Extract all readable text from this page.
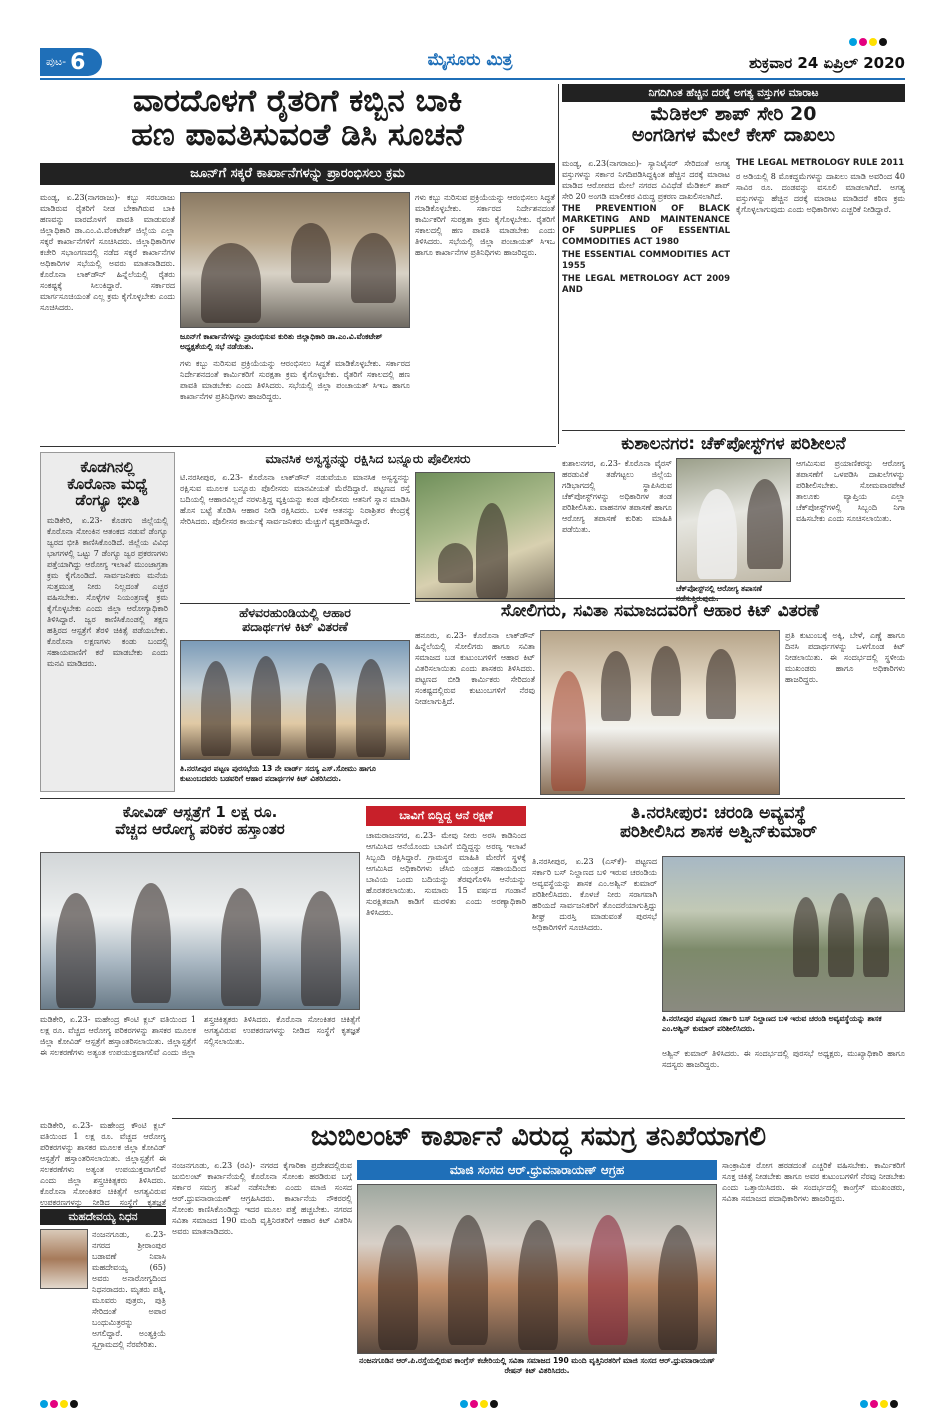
ಪುಟ- 6	ಮೈಸೂರು ಮಿತ್ರ	ಶುಕ್ರವಾರ 24 ಏಪ್ರಿಲ್ 2020
ವಾರದೊಳಗೆ ರೈತರಿಗೆ ಕಬ್ಬಿನ ಬಾಕಿ
ಹಣ ಪಾವತಿಸುವಂತೆ ಡಿಸಿ ಸೂಚನೆ
ಜೂನ್‌ಗೆ ಸಕ್ಕರೆ ಕಾರ್ಖಾನೆಗಳನ್ನು ಪ್ರಾರಂಭಿಸಲು ಕ್ರಮ
ಮಂಡ್ಯ, ಏ.23(ನಾಗರಾಜು)- ಕಬ್ಬು ಸರಬರಾಜು ಮಾಡಿರುವ ರೈತರಿಗೆ ನೀಡ ಬೇಕಾಗಿರುವ ಬಾಕಿ ಹಣವನ್ನು ವಾರದೊಳಗೆ ಪಾವತಿ ಮಾಡುವಂತೆ ಜಿಲ್ಲಾಧಿಕಾರಿ ಡಾ.ಎಂ.ವಿ.ವೆಂಕಟೇಶ್ ಜಿಲ್ಲೆಯ ಎಲ್ಲಾ ಸಕ್ಕರೆ ಕಾರ್ಖಾನೆಗಳಿಗೆ ಸೂಚಿಸಿದರು. ಜಿಲ್ಲಾಧಿಕಾರಿಗಳ ಕಚೇರಿ ಸಭಾಂಗಣದಲ್ಲಿ ನಡೆದ ಸಕ್ಕರೆ ಕಾರ್ಖಾನೆಗಳ ಅಧಿಕಾರಿಗಳ ಸಭೆಯಲ್ಲಿ ಅವರು ಮಾತನಾಡಿದರು. ಕೊರೊನಾ ಲಾಕ್‌ಡೌನ್ ಹಿನ್ನೆಲೆಯಲ್ಲಿ ರೈತರು ಸಂಕಷ್ಟಕ್ಕೆ ಸಿಲುಕಿದ್ದಾರೆ. ಸರ್ಕಾರದ ಮಾರ್ಗಸೂಚಿಯಂತೆ ಎಲ್ಲ ಕ್ರಮ ಕೈಗೊಳ್ಳಬೇಕು ಎಂದು ಸೂಚಿಸಿದರು.
ಜೂನ್‌ಗೆ ಕಾರ್ಖಾನೆಗಳನ್ನು ಪ್ರಾರಂಭಿಸುವ ಕುರಿತು ಜಿಲ್ಲಾಧಿಕಾರಿ ಡಾ.ಎಂ.ವಿ.ವೆಂಕಟೇಶ್ ಅಧ್ಯಕ್ಷತೆಯಲ್ಲಿ ಸಭೆ ನಡೆಯಿತು.
ಗಳು ಕಬ್ಬು ನುರಿಸುವ ಪ್ರಕ್ರಿಯೆಯನ್ನು ಆರಂಭಿಸಲು ಸಿದ್ಧತೆ ಮಾಡಿಕೊಳ್ಳಬೇಕು. ಸರ್ಕಾರದ ನಿರ್ದೇಶನದಂತೆ ಕಾರ್ಮಿಕರಿಗೆ ಸುರಕ್ಷತಾ ಕ್ರಮ ಕೈಗೊಳ್ಳಬೇಕು. ರೈತರಿಗೆ ಸಕಾಲದಲ್ಲಿ ಹಣ ಪಾವತಿ ಮಾಡಬೇಕು ಎಂದು ತಿಳಿಸಿದರು. ಸಭೆಯಲ್ಲಿ ಜಿಲ್ಲಾ ಪಂಚಾಯತ್ ಸಿಇಒ ಹಾಗೂ ಕಾರ್ಖಾನೆಗಳ ಪ್ರತಿನಿಧಿಗಳು ಹಾಜರಿದ್ದರು.
ಗಳು ಕಬ್ಬು ನುರಿಸುವ ಪ್ರಕ್ರಿಯೆಯನ್ನು ಆರಂಭಿಸಲು ಸಿದ್ಧತೆ ಮಾಡಿಕೊಳ್ಳಬೇಕು. ಸರ್ಕಾರದ ನಿರ್ದೇಶನದಂತೆ ಕಾರ್ಮಿಕರಿಗೆ ಸುರಕ್ಷತಾ ಕ್ರಮ ಕೈಗೊಳ್ಳಬೇಕು. ರೈತರಿಗೆ ಸಕಾಲದಲ್ಲಿ ಹಣ ಪಾವತಿ ಮಾಡಬೇಕು ಎಂದು ತಿಳಿಸಿದರು. ಸಭೆಯಲ್ಲಿ ಜಿಲ್ಲಾ ಪಂಚಾಯತ್ ಸಿಇಒ ಹಾಗೂ ಕಾರ್ಖಾನೆಗಳ ಪ್ರತಿನಿಧಿಗಳು ಹಾಜರಿದ್ದರು.
ನಿಗದಿಗಿಂತ ಹೆಚ್ಚಿನ ದರಕ್ಕೆ ಅಗತ್ಯ ವಸ್ತುಗಳ ಮಾರಾಟ
ಮೆಡಿಕಲ್ ಶಾಪ್ ಸೇರಿ 20
ಅಂಗಡಿಗಳ ಮೇಲೆ ಕೇಸ್ ದಾಖಲು

ಮಂಡ್ಯ, ಏ.23(ನಾಗರಾಜು)- ಸ್ಯಾನಿಟೈಸರ್ ಸೇರಿದಂತೆ ಅಗತ್ಯ ವಸ್ತುಗಳನ್ನು ಸರ್ಕಾರ ನಿಗದಿಪಡಿಸಿದ್ದಕ್ಕಿಂತ ಹೆಚ್ಚಿನ ದರಕ್ಕೆ ಮಾರಾಟ ಮಾಡಿದ ಆರೋಪದ ಮೇಲೆ ನಗರದ ವಿವಿಧೆಡೆ ಮೆಡಿಕಲ್ ಶಾಪ್ ಸೇರಿ 20 ಅಂಗಡಿ ಮಾಲೀಕರ ವಿರುದ್ಧ ಪ್ರಕರಣ ದಾಖಲಿಸಲಾಗಿದೆ.

THE PREVENTION OF BLACK MARKETING AND MAINTENANCE OF SUPPLIES OF ESSENTIAL COMMODITIES ACT 1980

THE ESSENTIAL COMMODITIES ACT 1955

THE LEGAL METROLOGY ACT 2009 AND

THE LEGAL METROLOGY RULE 2011

ರ ಅಡಿಯಲ್ಲಿ 8 ಮೊಕದ್ದಮೆಗಳನ್ನು ದಾಖಲು ಮಾಡಿ ಅವರಿಂದ 40 ಸಾವಿರ ರೂ. ದಂಡವನ್ನು ವಸೂಲಿ ಮಾಡಲಾಗಿದೆ. ಅಗತ್ಯ ವಸ್ತುಗಳನ್ನು ಹೆಚ್ಚಿನ ದರಕ್ಕೆ ಮಾರಾಟ ಮಾಡಿದರೆ ಕಠಿಣ ಕ್ರಮ ಕೈಗೊಳ್ಳಲಾಗುವುದು ಎಂದು ಅಧಿಕಾರಿಗಳು ಎಚ್ಚರಿಕೆ ನೀಡಿದ್ದಾರೆ.

ಕುಶಾಲನಗರ: ಚೆಕ್‌ಪೋಸ್ಟ್‌ಗಳ ಪರಿಶೀಲನೆ
ಕುಶಾಲನಗರ, ಏ.23- ಕೊರೊನಾ ವೈರಸ್ ಹರಡುವಿಕೆ ತಡೆಗಟ್ಟಲು ಜಿಲ್ಲೆಯ ಗಡಿಭಾಗದಲ್ಲಿ ಸ್ಥಾಪಿಸಿರುವ ಚೆಕ್‌ಪೋಸ್ಟ್‌ಗಳನ್ನು ಅಧಿಕಾರಿಗಳ ತಂಡ ಪರಿಶೀಲಿಸಿತು. ವಾಹನಗಳ ತಪಾಸಣೆ ಹಾಗೂ ಆರೋಗ್ಯ ತಪಾಸಣೆ ಕುರಿತು ಮಾಹಿತಿ ಪಡೆಯಿತು.
ಚೆಕ್‌ಪೋಸ್ಟ್‌ನಲ್ಲಿ ಆರೋಗ್ಯ ತಪಾಸಣೆ
ಆಗಮಿಸುವ ಪ್ರಯಾಣಿಕರನ್ನು ಆರೋಗ್ಯ ತಪಾಸಣೆಗೆ ಒಳಪಡಿಸಿ ದಾಖಲೆಗಳನ್ನು ಪರಿಶೀಲಿಸಬೇಕು. ಸೋಮವಾರಪೇಟೆ ತಾಲೂಕು ವ್ಯಾಪ್ತಿಯ ಎಲ್ಲಾ ಚೆಕ್‌ಪೋಸ್ಟ್‌ಗಳಲ್ಲಿ ಸಿಬ್ಬಂದಿ ನಿಗಾ ವಹಿಸಬೇಕು ಎಂದು ಸೂಚಿಸಲಾಯಿತು.
ಕೊಡಗಿನಲ್ಲಿ
ಕೊರೊನಾ ಮಧ್ಯೆ
ಡೆಂಗ್ಯೂ ಭೀತಿ
ಮಡಿಕೇರಿ, ಏ.23- ಕೊಡಗು ಜಿಲ್ಲೆಯಲ್ಲಿ ಕೊರೊನಾ ಸೋಂಕಿನ ಆತಂಕದ ನಡುವೆ ಡೆಂಗ್ಯೂ ಜ್ವರದ ಭೀತಿ ಕಾಣಿಸಿಕೊಂಡಿದೆ. ಜಿಲ್ಲೆಯ ವಿವಿಧ ಭಾಗಗಳಲ್ಲಿ ಒಟ್ಟು 7 ಡೆಂಗ್ಯೂ ಜ್ವರ ಪ್ರಕರಣಗಳು ಪತ್ತೆಯಾಗಿದ್ದು ಆರೋಗ್ಯ ಇಲಾಖೆ ಮುಂಜಾಗ್ರತಾ ಕ್ರಮ ಕೈಗೊಂಡಿದೆ. ಸಾರ್ವಜನಿಕರು ಮನೆಯ ಸುತ್ತಮುತ್ತ ನೀರು ನಿಲ್ಲದಂತೆ ಎಚ್ಚರ ವಹಿಸಬೇಕು. ಸೊಳ್ಳೆಗಳ ನಿಯಂತ್ರಣಕ್ಕೆ ಕ್ರಮ ಕೈಗೊಳ್ಳಬೇಕು ಎಂದು ಜಿಲ್ಲಾ ಆರೋಗ್ಯಾಧಿಕಾರಿ ತಿಳಿಸಿದ್ದಾರೆ. ಜ್ವರ ಕಾಣಿಸಿಕೊಂಡಲ್ಲಿ ತಕ್ಷಣ ಹತ್ತಿರದ ಆಸ್ಪತ್ರೆಗೆ ತೆರಳಿ ಚಿಕಿತ್ಸೆ ಪಡೆಯಬೇಕು. ಕೊರೊನಾ ಲಕ್ಷಣಗಳು ಕಂಡು ಬಂದಲ್ಲಿ ಸಹಾಯವಾಣಿಗೆ ಕರೆ ಮಾಡಬೇಕು ಎಂದು ಮನವಿ ಮಾಡಿದರು.
ಮಾನಸಿಕ ಅಸ್ವಸ್ಥನನ್ನು ರಕ್ಷಿಸಿದ ಬನ್ನೂರು ಪೊಲೀಸರು
ಟಿ.ನರಸೀಪುರ, ಏ.23- ಕೊರೊನಾ ಲಾಕ್‌ಡೌನ್ ನಡುವೆಯೂ ಮಾನಸಿಕ ಅಸ್ವಸ್ಥನನ್ನು ರಕ್ಷಿಸುವ ಮೂಲಕ ಬನ್ನೂರು ಪೊಲೀಸರು ಮಾನವೀಯತೆ ಮೆರೆದಿದ್ದಾರೆ. ಪಟ್ಟಣದ ರಸ್ತೆ ಬದಿಯಲ್ಲಿ ಆಹಾರವಿಲ್ಲದೆ ನರಳುತ್ತಿದ್ದ ವ್ಯಕ್ತಿಯನ್ನು ಕಂಡ ಪೊಲೀಸರು ಆತನಿಗೆ ಸ್ನಾನ ಮಾಡಿಸಿ ಹೊಸ ಬಟ್ಟೆ ತೊಡಿಸಿ ಆಹಾರ ನೀಡಿ ರಕ್ಷಿಸಿದರು. ಬಳಿಕ ಆತನನ್ನು ನಿರಾಶ್ರಿತರ ಕೇಂದ್ರಕ್ಕೆ ಸೇರಿಸಿದರು. ಪೊಲೀಸರ ಕಾರ್ಯಕ್ಕೆ ಸಾರ್ವಜನಿಕರು ಮೆಚ್ಚುಗೆ ವ್ಯಕ್ತಪಡಿಸಿದ್ದಾರೆ.
ಹೆಳವರಹುಂಡಿಯಲ್ಲಿ ಆಹಾರ
ಪದಾರ್ಥಗಳ ಕಿಟ್ ವಿತರಣೆ
ತಿ.ನರಸೀಪುರ ಪಟ್ಟಣ ಪುರಸಭೆಯ 13 ನೇ ವಾರ್ಡ್ ಸದಸ್ಯ ಎಸ್.ಸೋಮು ಹಾಗೂ ಕುಟುಂಬದವರು ಬಡವರಿಗೆ ಆಹಾರ ಪದಾರ್ಥಗಳ ಕಿಟ್ ವಿತರಿಸಿದರು.
ಸೋಲಿಗರು, ಸವಿತಾ ಸಮಾಜದವರಿಗೆ ಆಹಾರ ಕಿಟ್ ವಿತರಣೆ
ಹನೂರು, ಏ.23- ಕೊರೊನಾ ಲಾಕ್‌ಡೌನ್ ಹಿನ್ನೆಲೆಯಲ್ಲಿ ಸೋಲಿಗರು ಹಾಗೂ ಸವಿತಾ ಸಮಾಜದ ಬಡ ಕುಟುಂಬಗಳಿಗೆ ಆಹಾರ ಕಿಟ್ ವಿತರಿಸಲಾಯಿತು ಎಂದು ಶಾಸಕರು ತಿಳಿಸಿದರು. ಪಟ್ಟಣದ ಬೀಡಿ ಕಾರ್ಮಿಕರು ಸೇರಿದಂತೆ ಸಂಕಷ್ಟದಲ್ಲಿರುವ ಕುಟುಂಬಗಳಿಗೆ ನೆರವು ನೀಡಲಾಗುತ್ತಿದೆ.
ಪ್ರತಿ ಕುಟುಂಬಕ್ಕೆ ಅಕ್ಕಿ, ಬೇಳೆ, ಎಣ್ಣೆ ಹಾಗೂ ದಿನಸಿ ಪದಾರ್ಥಗಳನ್ನು ಒಳಗೊಂಡ ಕಿಟ್ ನೀಡಲಾಯಿತು. ಈ ಸಂದರ್ಭದಲ್ಲಿ ಸ್ಥಳೀಯ ಮುಖಂಡರು ಹಾಗೂ ಅಧಿಕಾರಿಗಳು ಹಾಜರಿದ್ದರು.
ಕೋವಿಡ್ ಆಸ್ಪತ್ರೆಗೆ 1 ಲಕ್ಷ ರೂ.
ವೆಚ್ಚದ ಆರೋಗ್ಯ ಪರಿಕರ ಹಸ್ತಾಂತರ
ಮಡಿಕೇರಿ, ಏ.23- ಮಹೇಂದ್ರ ಕೌಂಟಿ ಕ್ಲಬ್ ವತಿಯಿಂದ 1 ಲಕ್ಷ ರೂ. ವೆಚ್ಚದ ಆರೋಗ್ಯ ಪರಿಕರಗಳನ್ನು ಶಾಸಕರ ಮೂಲಕ ಜಿಲ್ಲಾ ಕೋವಿಡ್ ಆಸ್ಪತ್ರೆಗೆ ಹಸ್ತಾಂತರಿಸಲಾಯಿತು. ಜಿಲ್ಲಾಸ್ಪತ್ರೆಗೆ ಈ ಸಲಕರಣೆಗಳು ಅತ್ಯಂತ ಉಪಯುಕ್ತವಾಗಲಿವೆ ಎಂದು ಜಿಲ್ಲಾ ಶಸ್ತ್ರಚಿಕಿತ್ಸಕರು ತಿಳಿಸಿದರು. ಕೊರೊನಾ ಸೋಂಕಿತರ ಚಿಕಿತ್ಸೆಗೆ ಅಗತ್ಯವಿರುವ ಉಪಕರಣಗಳನ್ನು ನೀಡಿದ ಸಂಸ್ಥೆಗೆ ಕೃತಜ್ಞತೆ ಸಲ್ಲಿಸಲಾಯಿತು.
ಬಾವಿಗೆ ಬಿದ್ದಿದ್ದ ಆನೆ ರಕ್ಷಣೆ
ಚಾಮರಾಜನಗರ, ಏ.23- ಮೇವು ನೀರು ಅರಸಿ ಕಾಡಿನಿಂದ ಆಗಮಿಸಿದ ಆನೆಯೊಂದು ಬಾವಿಗೆ ಬಿದ್ದಿದ್ದನ್ನು ಅರಣ್ಯ ಇಲಾಖೆ ಸಿಬ್ಬಂದಿ ರಕ್ಷಿಸಿದ್ದಾರೆ. ಗ್ರಾಮಸ್ಥರ ಮಾಹಿತಿ ಮೇರೆಗೆ ಸ್ಥಳಕ್ಕೆ ಆಗಮಿಸಿದ ಅಧಿಕಾರಿಗಳು ಜೆಸಿಬಿ ಯಂತ್ರದ ಸಹಾಯದಿಂದ ಬಾವಿಯ ಒಂದು ಬದಿಯನ್ನು ತೆರವುಗೊಳಿಸಿ ಆನೆಯನ್ನು ಹೊರತರಲಾಯಿತು. ಸುಮಾರು 15 ವರ್ಷದ ಗಂಡಾನೆ ಸುರಕ್ಷಿತವಾಗಿ ಕಾಡಿಗೆ ಮರಳಿತು ಎಂದು ಅರಣ್ಯಾಧಿಕಾರಿ ತಿಳಿಸಿದರು.
ತಿ.ನರಸೀಪುರ: ಚರಂಡಿ ಅವ್ಯವಸ್ಥೆ
ಪರಿಶೀಲಿಸಿದ ಶಾಸಕ ಅಶ್ವಿನ್‌ಕುಮಾರ್
ತಿ.ನರಸೀಪುರ, ಏ.23 (ಎಸ್‌ಕೆ)- ಪಟ್ಟಣದ ಸರ್ಕಾರಿ ಬಸ್ ನಿಲ್ದಾಣದ ಬಳಿ ಇರುವ ಚರಂಡಿಯ ಅವ್ಯವಸ್ಥೆಯನ್ನು ಶಾಸಕ ಎಂ.ಅಶ್ವಿನ್ ಕುಮಾರ್ ಪರಿಶೀಲಿಸಿದರು. ಕೊಳಚೆ ನೀರು ಸರಾಗವಾಗಿ ಹರಿಯದೆ ಸಾರ್ವಜನಿಕರಿಗೆ ತೊಂದರೆಯಾಗುತ್ತಿದ್ದು ಶೀಘ್ರ ದುರಸ್ತಿ ಮಾಡುವಂತೆ ಪುರಸಭೆ ಅಧಿಕಾರಿಗಳಿಗೆ ಸೂಚಿಸಿದರು.
ತಿ.ನರಸೀಪುರ ಪಟ್ಟಣದ ಸರ್ಕಾರಿ ಬಸ್ ನಿಲ್ದಾಣದ ಬಳಿ ಇರುವ ಚರಂಡಿ ಅವ್ಯವಸ್ಥೆಯನ್ನು ಶಾಸಕ ಎಂ.ಅಶ್ವಿನ್ ಕುಮಾರ್ ಪರಿಶೀಲಿಸಿದರು.
ಅಶ್ವಿನ್ ಕುಮಾರ್ ತಿಳಿಸಿದರು. ಈ ಸಂದರ್ಭದಲ್ಲಿ ಪುರಸಭೆ ಅಧ್ಯಕ್ಷರು, ಮುಖ್ಯಾಧಿಕಾರಿ ಹಾಗೂ ಸದಸ್ಯರು ಹಾಜರಿದ್ದರು.
ಜುಬಿಲಂಟ್ ಕಾರ್ಖಾನೆ ವಿರುದ್ಧ ಸಮಗ್ರ ತನಿಖೆಯಾಗಲಿ
ನಂಜನಗೂಡು, ಏ.23 (ರವಿ)- ನಗರದ ಕೈಗಾರಿಕಾ ಪ್ರದೇಶದಲ್ಲಿರುವ ಜುಬಿಲಂಟ್ ಕಾರ್ಖಾನೆಯಲ್ಲಿ ಕೊರೊನಾ ಸೋಂಕು ಹರಡಿರುವ ಬಗ್ಗೆ ಸರ್ಕಾರ ಸಮಗ್ರ ತನಿಖೆ ನಡೆಸಬೇಕು ಎಂದು ಮಾಜಿ ಸಂಸದ ಆರ್.ಧ್ರುವನಾರಾಯಣ್ ಆಗ್ರಹಿಸಿದರು. ಕಾರ್ಖಾನೆಯ ನೌಕರರಲ್ಲಿ ಸೋಂಕು ಕಾಣಿಸಿಕೊಂಡಿದ್ದು ಇದರ ಮೂಲ ಪತ್ತೆ ಹಚ್ಚಬೇಕು. ನಗರದ ಸವಿತಾ ಸಮಾಜದ 190 ಮಂದಿ ವೃತ್ತಿನಿರತರಿಗೆ ಆಹಾರ ಕಿಟ್ ವಿತರಿಸಿ ಅವರು ಮಾತನಾಡಿದರು.
ಮಾಜಿ ಸಂಸದ ಆರ್.ಧ್ರುವನಾರಾಯಣ್ ಆಗ್ರಹ
ನಂಜನಗೂಡಿನ ಆರ್.ಪಿ.ರಸ್ತೆಯಲ್ಲಿರುವ ಕಾಂಗ್ರೆಸ್ ಕಚೇರಿಯಲ್ಲಿ ಸವಿತಾ ಸಮಾಜದ 190 ಮಂದಿ ವೃತ್ತಿನಿರತರಿಗೆ ಮಾಜಿ ಸಂಸದ ಆರ್.ಧ್ರುವನಾರಾಯಣ್ ರೇಷನ್ ಕಿಟ್ ವಿತರಿಸಿದರು.
ಸಾಂಕ್ರಾಮಿಕ ರೋಗ ಹರಡದಂತೆ ಎಚ್ಚರಿಕೆ ವಹಿಸಬೇಕು. ಕಾರ್ಮಿಕರಿಗೆ ಸೂಕ್ತ ಚಿಕಿತ್ಸೆ ನೀಡಬೇಕು ಹಾಗೂ ಅವರ ಕುಟುಂಬಗಳಿಗೆ ನೆರವು ನೀಡಬೇಕು ಎಂದು ಒತ್ತಾಯಿಸಿದರು. ಈ ಸಂದರ್ಭದಲ್ಲಿ ಕಾಂಗ್ರೆಸ್ ಮುಖಂಡರು, ಸವಿತಾ ಸಮಾಜದ ಪದಾಧಿಕಾರಿಗಳು ಹಾಜರಿದ್ದರು.
ಮಡಿಕೇರಿ, ಏ.23- ಮಹೇಂದ್ರ ಕೌಂಟಿ ಕ್ಲಬ್ ವತಿಯಿಂದ 1 ಲಕ್ಷ ರೂ. ವೆಚ್ಚದ ಆರೋಗ್ಯ ಪರಿಕರಗಳನ್ನು ಶಾಸಕರ ಮೂಲಕ ಜಿಲ್ಲಾ ಕೋವಿಡ್ ಆಸ್ಪತ್ರೆಗೆ ಹಸ್ತಾಂತರಿಸಲಾಯಿತು. ಜಿಲ್ಲಾಸ್ಪತ್ರೆಗೆ ಈ ಸಲಕರಣೆಗಳು ಅತ್ಯಂತ ಉಪಯುಕ್ತವಾಗಲಿವೆ ಎಂದು ಜಿಲ್ಲಾ ಶಸ್ತ್ರಚಿಕಿತ್ಸಕರು ತಿಳಿಸಿದರು. ಕೊರೊನಾ ಸೋಂಕಿತರ ಚಿಕಿತ್ಸೆಗೆ ಅಗತ್ಯವಿರುವ ಉಪಕರಣಗಳನ್ನು ನೀಡಿದ ಸಂಸ್ಥೆಗೆ ಕೃತಜ್ಞತೆ
ಮಹದೇವಯ್ಯ ನಿಧನ
ನಂಜನಗೂಡು, ಏ.23- ನಗರದ ಶ್ರೀರಾಂಪುರ ಬಡಾವಣೆ ನಿವಾಸಿ ಮಹದೇವಯ್ಯ (65) ಅವರು ಅನಾರೋಗ್ಯದಿಂದ ನಿಧನರಾದರು. ಮೃತರು ಪತ್ನಿ, ಮೂವರು ಪುತ್ರರು, ಪುತ್ರಿ ಸೇರಿದಂತೆ ಅಪಾರ ಬಂಧುಮಿತ್ರರನ್ನು ಅಗಲಿದ್ದಾರೆ. ಅಂತ್ಯಕ್ರಿಯೆ ಸ್ವಗ್ರಾಮದಲ್ಲಿ ನೆರವೇರಿತು.
